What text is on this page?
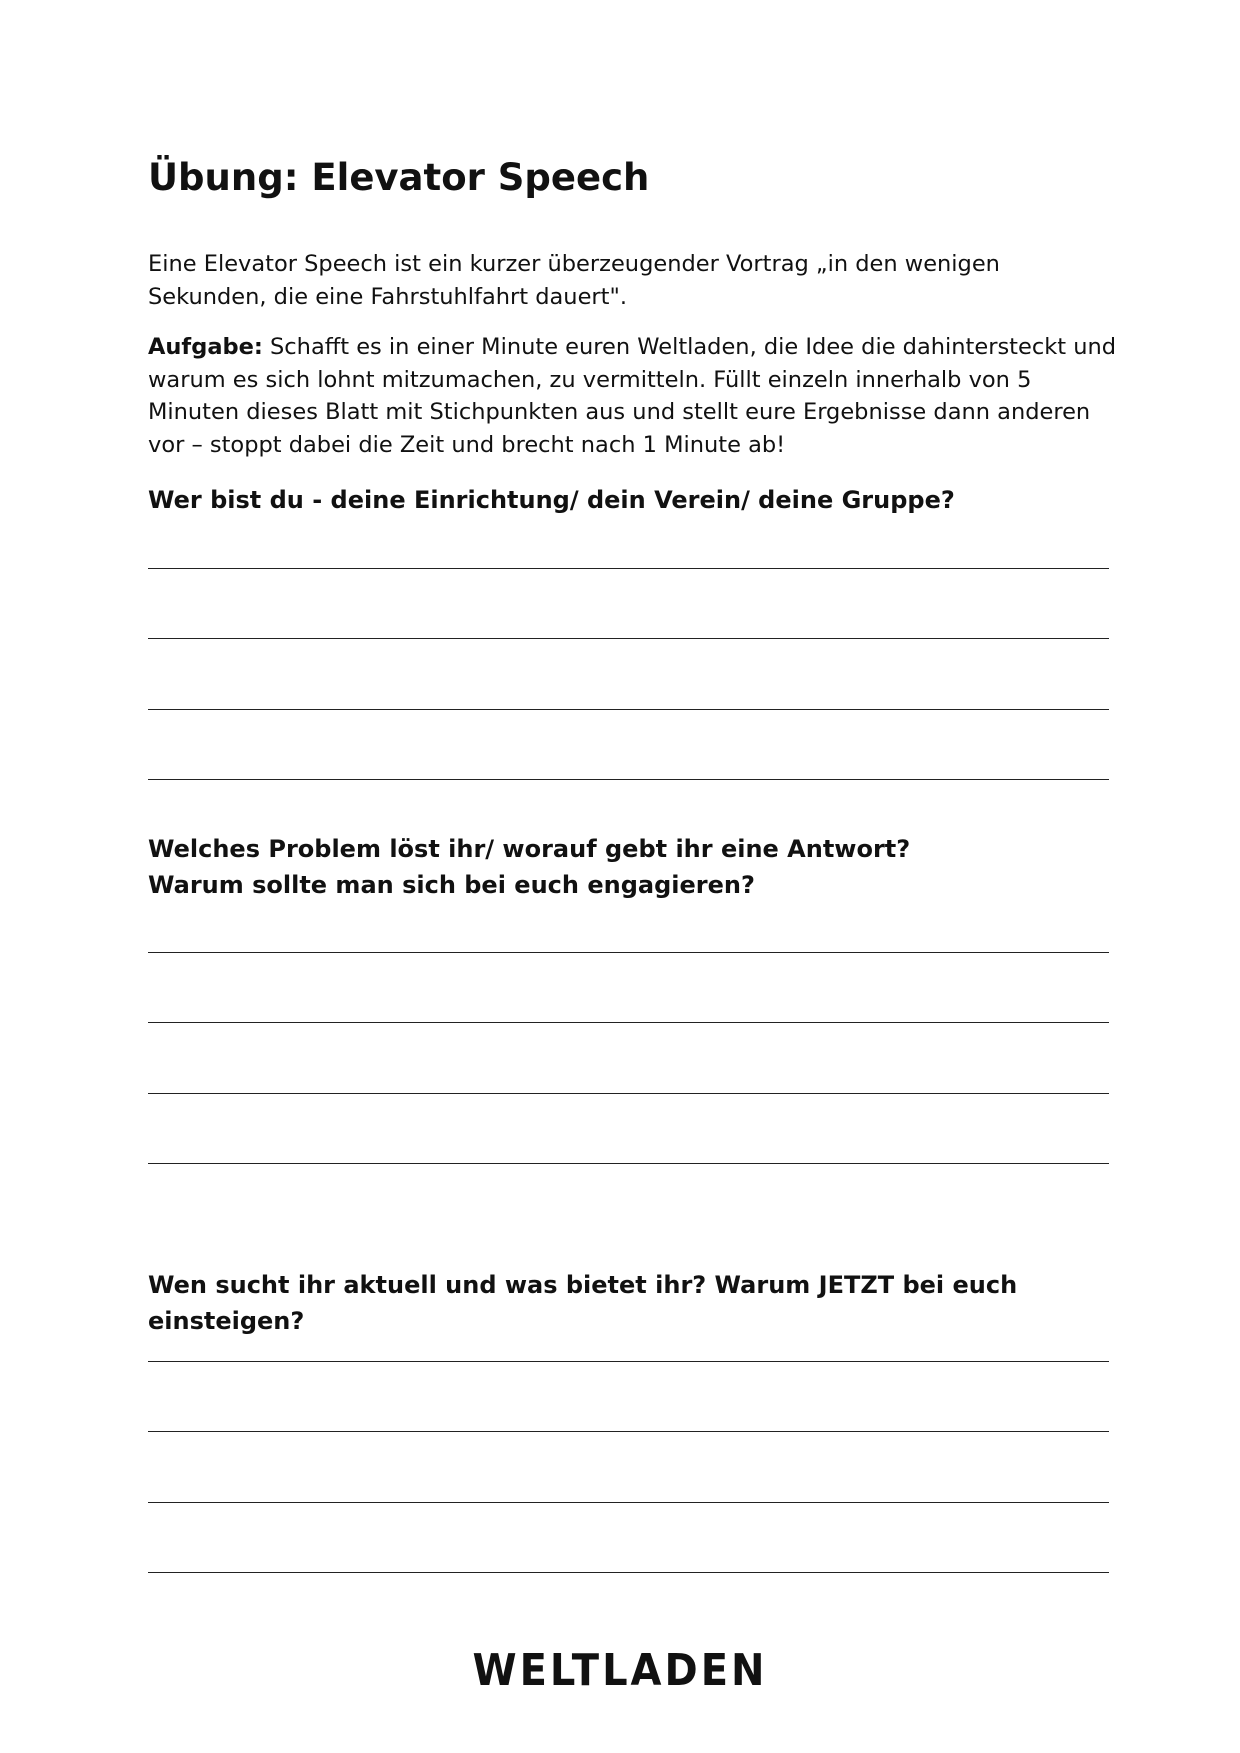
Übung: Elevator Speech

Eine Elevator Speech ist ein kurzer überzeugender Vortrag „in den wenigen Sekunden, die eine Fahrstuhlfahrt dauert".

Aufgabe: Schafft es in einer Minute euren Weltladen, die Idee die dahintersteckt und warum es sich lohnt mitzumachen, zu vermitteln. Füllt einzeln innerhalb von 5 Minuten dieses Blatt mit Stichpunkten aus und stellt eure Ergebnisse dann anderen vor – stoppt dabei die Zeit und brecht nach 1 Minute ab!

Wer bist du - deine Einrichtung/ dein Verein/ deine Gruppe?

Welches Problem löst ihr/ worauf gebt ihr eine Antwort?
Warum sollte man sich bei euch engagieren?

Wen sucht ihr aktuell und was bietet ihr? Warum JETZT bei euch
einsteigen?

WELTLADEN
